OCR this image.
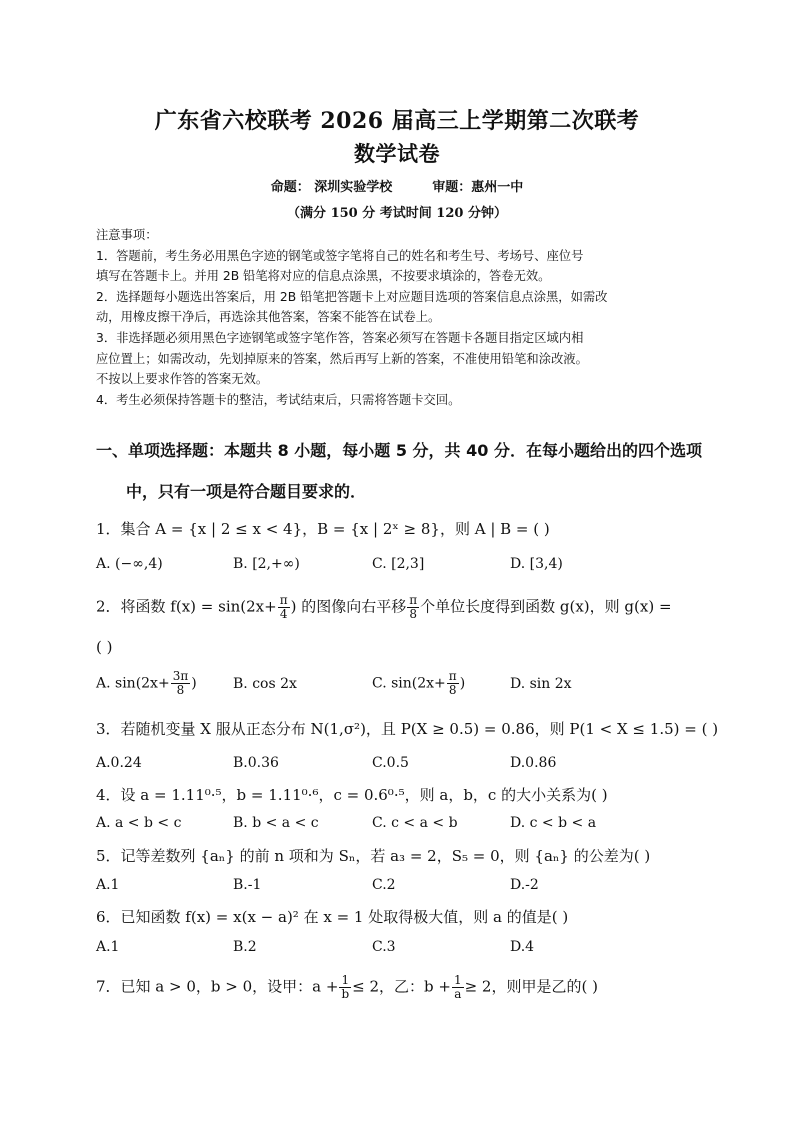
广东省六校联考 2026 届高三上学期第二次联考
数学试卷
命题： 深圳实验学校	审题：惠州一中
（满分 150 分 考试时间 120 分钟）
注意事项：
1．答题前，考生务必用黑色字迹的钢笔或签字笔将自己的姓名和考生号、考场号、座位号
填写在答题卡上。并用 2B 铅笔将对应的信息点涂黑，不按要求填涂的，答卷无效。
2．选择题每小题选出答案后，用 2B 铅笔把答题卡上对应题目选项的答案信息点涂黑，如需改
动，用橡皮擦干净后，再选涂其他答案，答案不能答在试卷上。
3．非选择题必须用黑色字迹钢笔或签字笔作答，答案必须写在答题卡各题目指定区域内相
应位置上；如需改动，先划掉原来的答案，然后再写上新的答案，不准使用铅笔和涂改液。
不按以上要求作答的答案无效。
4．考生必须保持答题卡的整洁，考试结束后，只需将答题卡交回。
一、单项选择题：本题共 8 小题，每小题 5 分，共 40 分．在每小题给出的四个选项
中，只有一项是符合题目要求的．
1．集合 A = {x | 2 ≤ x < 4}，B = {x | 2ˣ ≥ 8}，则 A | B = ( )
A. (−∞,4)	B. [2,+∞)	C. [2,3]	D. [3,4)
2．将函数 $f(x) = \sin(2x+ \frac{\pi}{4}$ ) 的图像向右平移 $\frac{\pi}{8}$ 个单位长度得到函数 g(x)，则 g(x) =
( )
A. $\sin(2x+ \frac{3\pi}{8}$ )	B. cos 2x	C. $\sin(2x+ \frac{\pi}{8}$ )	D. sin 2x
3．若随机变量 X 服从正态分布 N(1,σ²)，且 P(X ≥ 0.5) = 0.86，则 P(1 < X ≤ 1.5) = ( )
A.0.24	B.0.36	C.0.5	D.0.86
4．设 a = 1.11⁰·⁵，b = 1.11⁰·⁶，c = 0.6⁰·⁵，则 a，b，c 的大小关系为( )
A. a < b < c	B. b < a < c	C. c < a < b	D. c < b < a
5．记等差数列 {aₙ} 的前 n 项和为 Sₙ，若 a₃ = 2，S₅ = 0，则 {aₙ} 的公差为( )
A.1	B.-1	C.2	D.-2
6．已知函数 f(x) = x(x − a)² 在 x = 1 处取得极大值，则 a 的值是( )
A.1	B.2	C.3	D.4
7．已知 a > 0，b > 0，设甲：$a + \frac{1}{b} \le 2$，乙：$b + \frac{1}{a} \ge 2$，则甲是乙的( )
